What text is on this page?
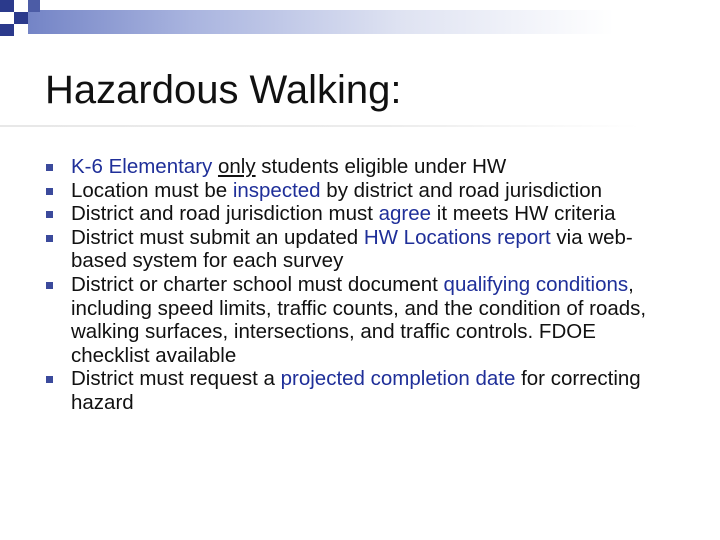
Hazardous Walking:
K-6 Elementary only students eligible under HW
Location must be inspected by district and road jurisdiction
District and road jurisdiction must agree it meets HW criteria
District must submit an updated HW Locations report via web-based system for each survey
District or charter school must document qualifying conditions, including speed limits, traffic counts, and the condition of roads, walking surfaces, intersections, and traffic controls. FDOE checklist available
District must request a projected completion date for correcting hazard
